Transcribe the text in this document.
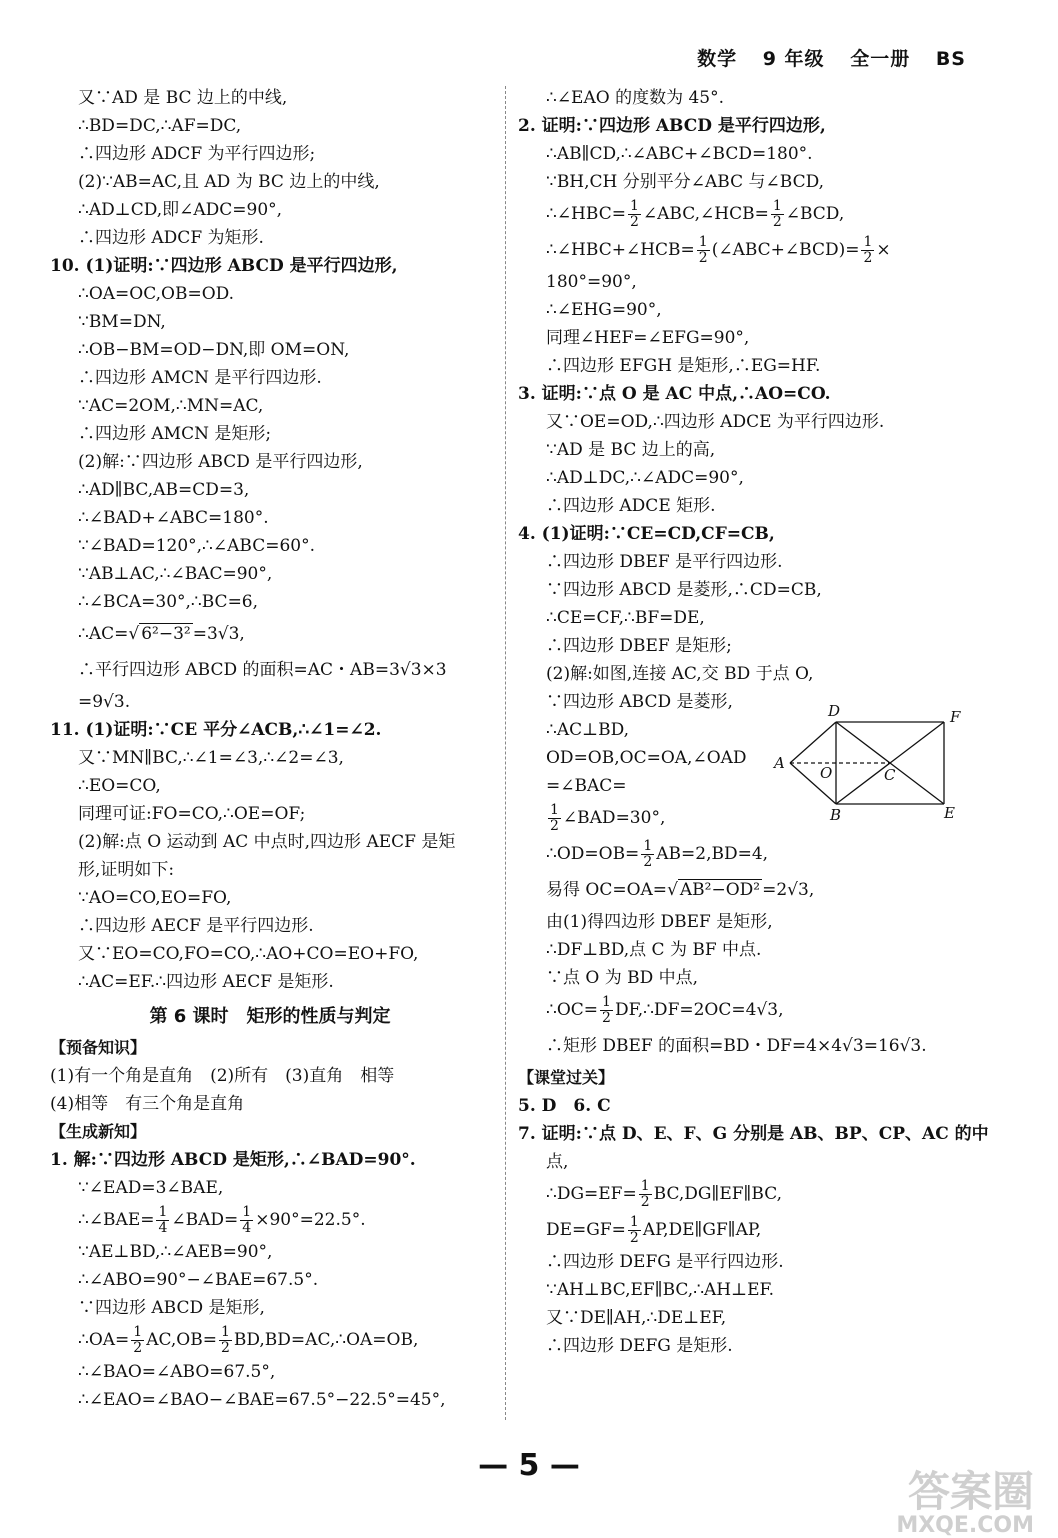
数学 9 年级 全一册 BS
又∵AD 是 BC 边上的中线,
∴BD=DC,∴AF=DC,
∴四边形 ADCF 为平行四边形;
(2)∵AB=AC,且 AD 为 BC 边上的中线,
∴AD⊥CD,即∠ADC=90°,
∴四边形 ADCF 为矩形.
10. (1)证明:∵四边形 ABCD 是平行四边形,
∴OA=OC,OB=OD.
∵BM=DN,
∴OB−BM=OD−DN,即 OM=ON,
∴四边形 AMCN 是平行四边形.
∵AC=2OM,∴MN=AC,
∴四边形 AMCN 是矩形;
(2)解:∵四边形 ABCD 是平行四边形,
∴AD∥BC,AB=CD=3,
∴∠BAD+∠ABC=180°.
∵∠BAD=120°,∴∠ABC=60°.
∵AB⊥AC,∴∠BAC=90°,
∴∠BCA=30°,∴BC=6,
∴AC=√ 6²−3² =3√3,
∴平行四边形 ABCD 的面积=AC・AB=3√3×3
=9√3.
11. (1)证明:∵CE 平分∠ACB,∴∠1=∠2.
又∵MN∥BC,∴∠1=∠3,∴∠2=∠3,
∴EO=CO,
同理可证:FO=CO,∴OE=OF;
(2)解:点 O 运动到 AC 中点时,四边形 AECF 是矩
形,证明如下:
∵AO=CO,EO=FO,
∴四边形 AECF 是平行四边形.
又∵EO=CO,FO=CO,∴AO+CO=EO+FO,
∴AC=EF.∴四边形 AECF 是矩形.
第 6 课时　矩形的性质与判定
【预备知识】
(1)有一个角是直角　(2)所有　(3)直角　相等
(4)相等　有三个角是直角
【生成新知】
1. 解:∵四边形 ABCD 是矩形,∴∠BAD=90°.
∵∠EAD=3∠BAE,
∴∠BAE= $\frac{1}{4}$ ∠BAD= $\frac{1}{4} \times 90^\circ=22.5^\circ$.
∵AE⊥BD,∴∠AEB=90°,
∴∠ABO=90°−∠BAE=67.5°.
∵四边形 ABCD 是矩形,
∴OA= $\frac{1}{2} AC,OB= \frac{1}{2}$ BD,BD=AC,∴OA=OB,
∴∠BAO=∠ABO=67.5°,
∴∠EAO=∠BAO−∠BAE=67.5°−22.5°=45°,
∴∠EAO 的度数为 45°.
2. 证明:∵四边形 ABCD 是平行四边形,
∴AB∥CD,∴∠ABC+∠BCD=180°.
∵BH,CH 分别平分∠ABC 与∠BCD,
∴∠HBC= $\frac{1}{2}$ ∠ABC,∠HCB= $\frac{1}{2}$ ∠BCD,
∴∠HBC+∠HCB= $\frac{1}{2}$ (∠ABC+∠BCD)= $\frac{1}{2}$ ×
180°=90°,
∴∠EHG=90°,
同理∠HEF=∠EFG=90°,
∴四边形 EFGH 是矩形,∴EG=HF.
3. 证明:∵点 O 是 AC 中点,∴AO=CO.
又∵OE=OD,∴四边形 ADCE 为平行四边形.
∵AD 是 BC 边上的高,
∴AD⊥DC,∴∠ADC=90°,
∴四边形 ADCE 矩形.
4. (1)证明:∵CE=CD,CF=CB,
∴四边形 DBEF 是平行四边形.
∵四边形 ABCD 是菱形,∴CD=CB,
∴CE=CF,∴BF=DE,
∴四边形 DBEF 是矩形;
(2)解:如图,连接 AC,交 BD 于点 O,
∵四边形 ABCD 是菱形,
∴AC⊥BD,
OD=OB,OC=OA,∠OAD
=∠BAC=
$\frac{1}{2}$ ∠BAD=30°,
∴OD=OB= $\frac{1}{2} AB=2,BD=4$,
易得 OC=OA=√ AB²−OD² =2√3,
由(1)得四边形 DBEF 是矩形,
∴DF⊥BD,点 C 为 BF 中点.
∵点 O 为 BD 中点,
∴OC= $\frac{1}{2}$ DF,∴DF=2OC=4√3,
∴矩形 DBEF 的面积=BD・DF=4×4√3=16√3.
【课堂过关】
5. D　6. C
7. 证明:∵点 D、E、F、G 分别是 AB、BP、CP、AC 的中
点,
∴DG=EF= $\frac{1}{2}$ BC,DG∥EF∥BC,
$DE=GF= \frac{1}{2}$ AP,DE∥GF∥AP,
∴四边形 DEFG 是平行四边形.
∵AH⊥BC,EF∥BC,∴AH⊥EF.
又∵DE∥AH,∴DE⊥EF,
∴四边形 DEFG 是矩形.
D	F
A
O	C
B	E
— 5 —
答案圈
MXQE.COM
